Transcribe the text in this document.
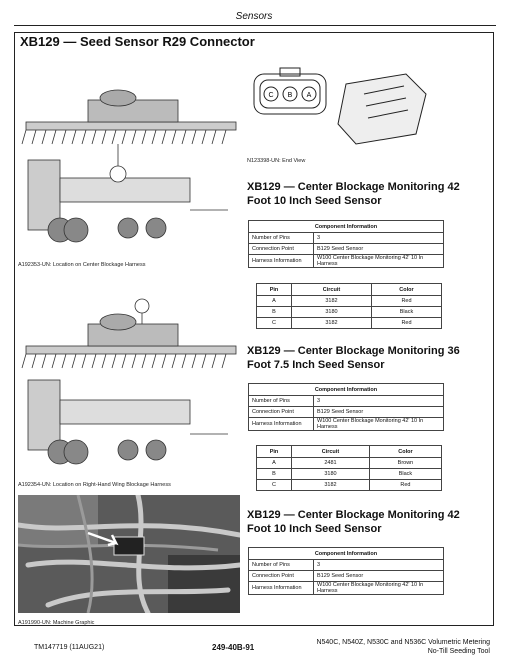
Sensors
XB129 — Seed Sensor R29 Connector
A192353-UN: Location on Center Blockage Harness
C B A
N123398-UN: End View
XB129 — Center Blockage Monitoring 42 Foot 10 Inch Seed Sensor
Component Information	
Number of Pins	3
Connection Point	B129 Seed Sensor
Harness Information	W100 Center Blockage Monitoring 42' 10 In Harness
Pin	Circuit	Color
A	3182	Red
B	3180	Black
C	3182	Red
A192354-UN: Location on Right-Hand Wing Blockage Harness
XB129 — Center Blockage Monitoring 36 Foot 7.5 Inch Seed Sensor
Component Information	
Number of Pins	3
Connection Point	B129 Seed Sensor
Harness Information	W100 Center Blockage Monitoring 42' 10 In Harness
Pin	Circuit	Color
A	2481	Brown
B	3180	Black
C	3182	Red
A191990-UN: Machine Graphic
XB129 — Center Blockage Monitoring 42 Foot 10 Inch Seed Sensor
Component Information	
Number of Pins	3
Connection Point	B129 Seed Sensor
Harness Information	W100 Center Blockage Monitoring 42' 10 In Harness
TM147719 (11AUG21)	249-40B-91
N540C, N540Z, N530C and N536C Volumetric Metering
No-Till Seeding Tool
